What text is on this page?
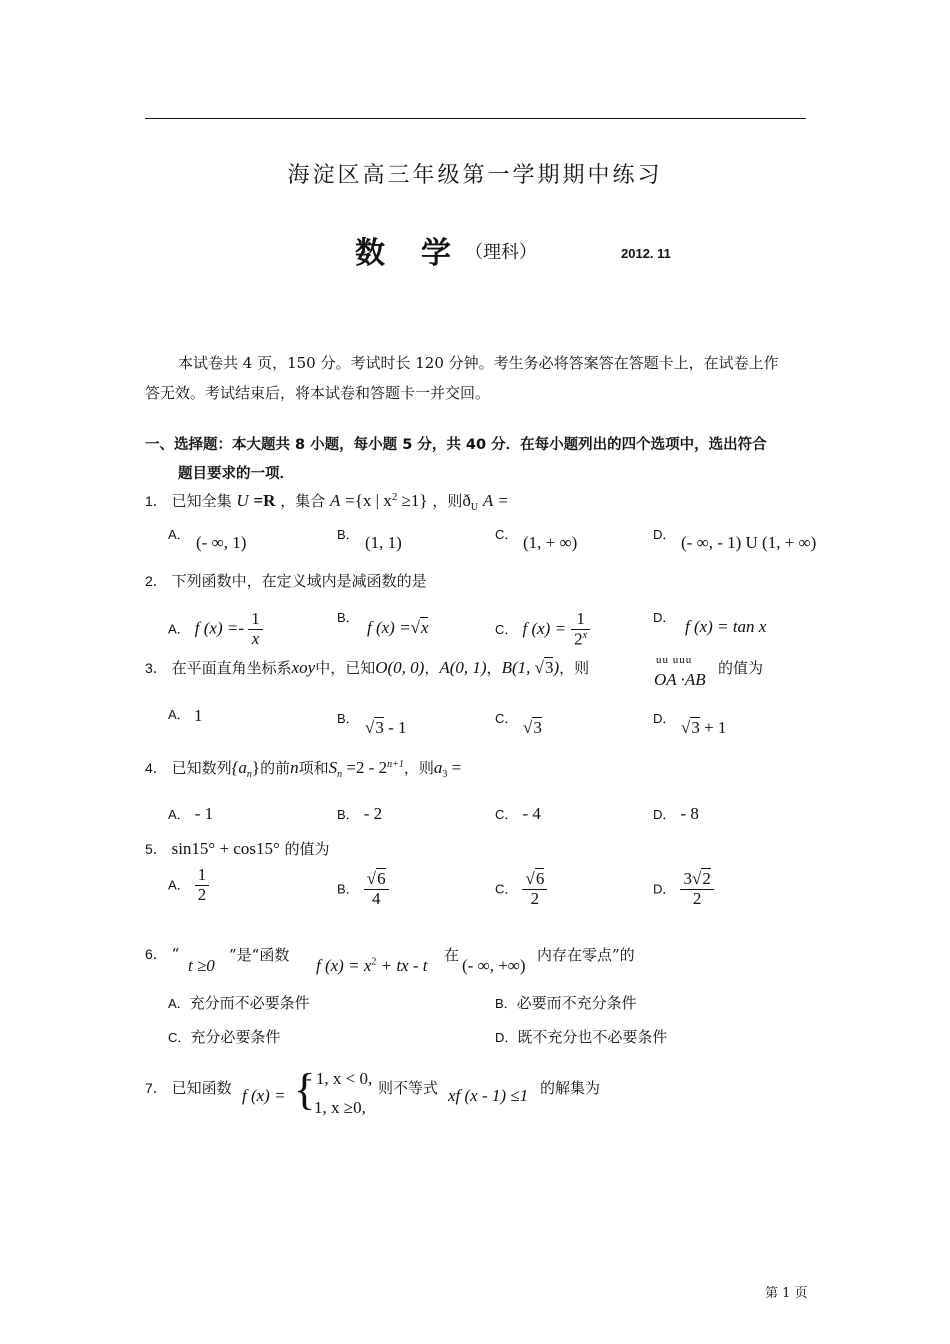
海淀区高三年级第一学期期中练习
数 学 （理科）	2012. 11
本试卷共 4 页，150 分。考试时长 120 分钟。考生务必将答案答在答题卡上，在试卷上作
答无效。考试结束后，将本试卷和答题卡一并交回。
一、选择题：本大题共 8 小题，每小题 5 分，共 40 分．在每小题列出的四个选项中，选出符合
题目要求的一项．
1． 已知全集 U =R ，集合 A ={x | $x^2 \ge 1$} ，则$ð_U$ A =
A． (- ∞, 1)	B． (1, 1)	C． (1, + ∞)	D． (- ∞, - 1) U (1, + ∞)
2． 下列函数中，在定义域内是减函数的是
A． f $(x) =- \frac{1}{x}$	B．
f (x) =√x	C． f $(x) = \frac{1}{2^x}$	D． f (x) = tan x
3． 在平面直角坐标系xoy中，已知O(0, 0)，A(0, 1)，B(1, √3)，则	uu uuu
OA ·AB
的值为
A． 1	B． √3 - 1	C． √3	D． √3 + 1
4． 已知数列$\{a_n\}$的前n项和$S_n =2 - 2^{n+1}$，则$a_3$ =
A． - 1	B． - 2	C． - 4	D． - 8
5． sin15° + cos15° 的值为
A． $\frac{1}{2}$	B． $\frac{√6}{4}$	C． $\frac{√6}{2}$	D． $\frac{3√2}{2}$
6． “
t ≥0
”是“函数
f $(x) = x^2$ + tx - t
在
(- ∞, +∞)
内存在零点”的
A．充分而不必要条件	B．必要而不充分条件
C．充分必要条件	D．既不充分也不必要条件
7． 已知函数 f (x) = {
- 1, x < 0,
1, x ≥0,
则不等式 xf (x - 1) ≤1 的解集为
第 1 页
